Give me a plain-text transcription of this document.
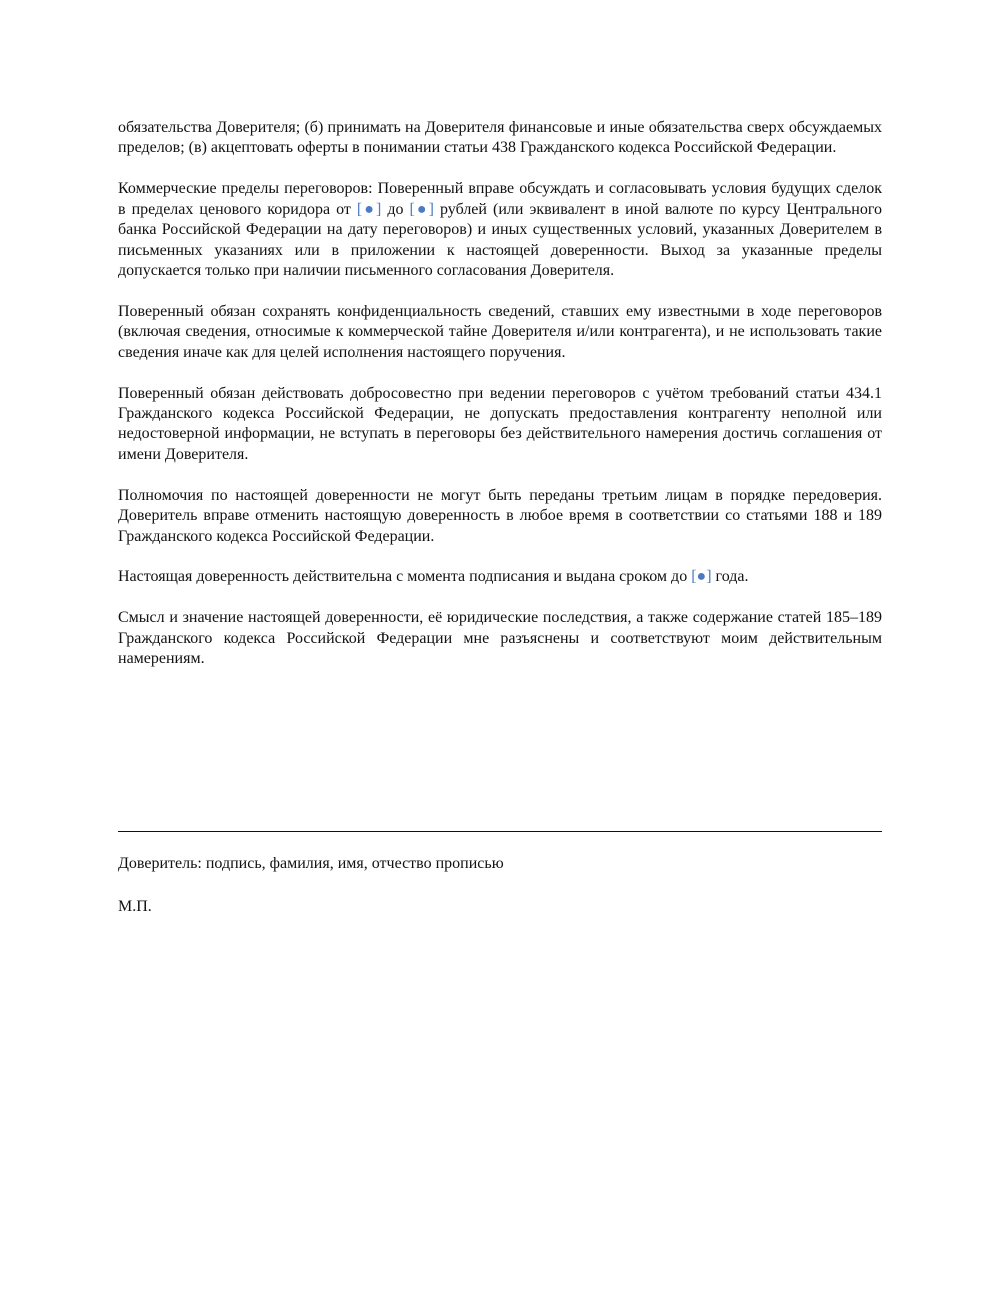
обязательства Доверителя; (б) принимать на Доверителя финансовые и иные обязательства сверх обсуждаемых пределов; (в) акцептовать оферты в понимании статьи 438 Гражданского кодекса Российской Федерации.

Коммерческие пределы переговоров: Поверенный вправе обсуждать и согласовывать условия будущих сделок в пределах ценового коридора от [●] до [●] рублей (или эквивалент в иной валюте по курсу Центрального банка Российской Федерации на дату переговоров) и иных существенных условий, указанных Доверителем в письменных указаниях или в приложении к настоящей доверенности. Выход за указанные пределы допускается только при наличии письменного согласования Доверителя.

Поверенный обязан сохранять конфиденциальность сведений, ставших ему известными в ходе переговоров (включая сведения, относимые к коммерческой тайне Доверителя и/или контрагента), и не использовать такие сведения иначе как для целей исполнения настоящего поручения.

Поверенный обязан действовать добросовестно при ведении переговоров с учётом требований статьи 434.1 Гражданского кодекса Российской Федерации, не допускать предоставления контрагенту неполной или недостоверной информации, не вступать в переговоры без действительного намерения достичь соглашения от имени Доверителя.

Полномочия по настоящей доверенности не могут быть переданы третьим лицам в порядке передоверия. Доверитель вправе отменить настоящую доверенность в любое время в соответствии со статьями 188 и 189 Гражданского кодекса Российской Федерации.

Настоящая доверенность действительна с момента подписания и выдана сроком до [●] года.

Смысл и значение настоящей доверенности, её юридические последствия, а также содержание статей 185–189 Гражданского кодекса Российской Федерации мне разъяснены и соответствуют моим действительным намерениям.

Доверитель: подпись, фамилия, имя, отчество прописью

М.П.
